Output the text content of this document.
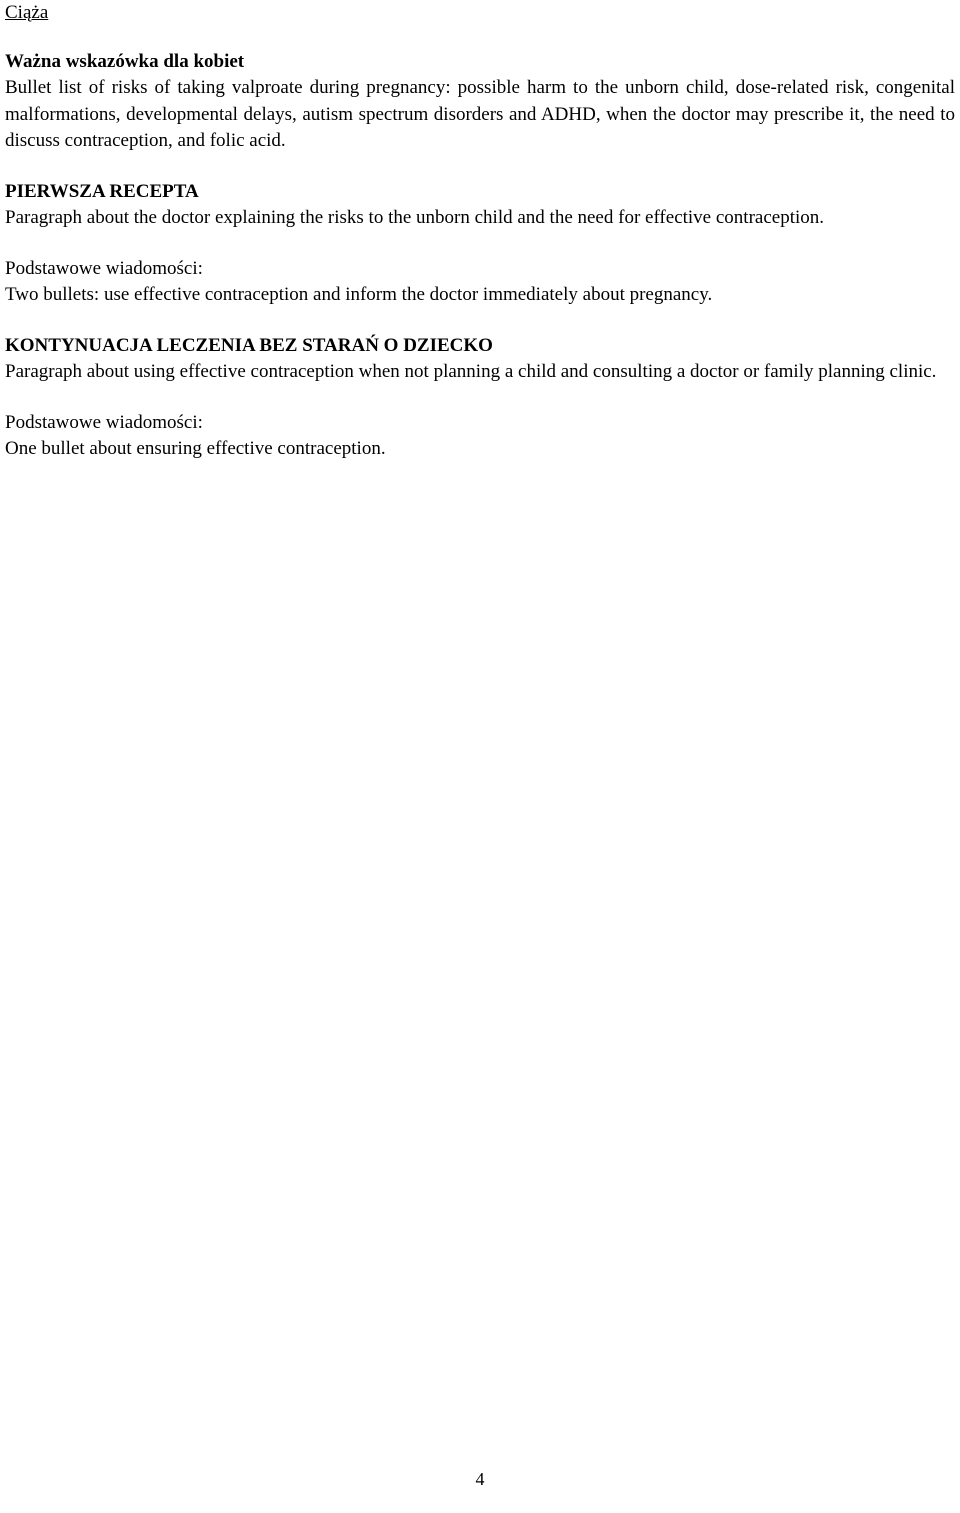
Ciąża
Ważna wskazówka dla kobiet

Bullet list of risks of taking valproate during pregnancy: possible harm to the unborn child, dose-related risk, congenital malformations, developmental delays, autism spectrum disorders and ADHD, when the doctor may prescribe it, the need to discuss contraception, and folic acid.

PIERWSZA RECEPTA

Paragraph about the doctor explaining the risks to the unborn child and the need for effective contraception.

Podstawowe wiadomości:

Two bullets: use effective contraception and inform the doctor immediately about pregnancy.

KONTYNUACJA LECZENIA BEZ STARAŃ O DZIECKO

Paragraph about using effective contraception when not planning a child and consulting a doctor or family planning clinic.

Podstawowe wiadomości:

One bullet about ensuring effective contraception.

4
